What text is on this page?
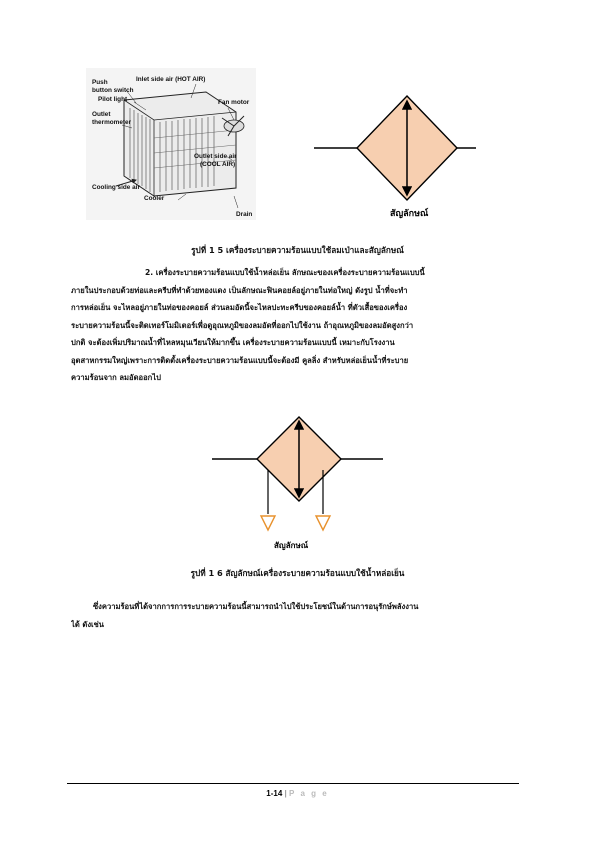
Push
button switch
Pilot light
Outlet
thermometer
Inlet side air (HOT AIR)
Fan motor
Outlet side air
(COOL AIR)
Cooling side air
Cooler
Drain	สัญลักษณ์
รูปที่ 1 5 เครื่องระบายความร้อนแบบใช้ลมเป่าและสัญลักษณ์
2. เครื่องระบายความร้อนแบบใช้น้ำหล่อเย็น ลักษณะของเครื่องระบายความร้อนแบบนี้
ภายในประกอบด้วยท่อและครีบที่ทำด้วยทองแดง เป็นลักษณะฟินคอยล์อยู่ภายในท่อใหญ่ ดังรูป น้ำที่จะทำ
การหล่อเย็น จะไหลอยู่ภายในท่อของคอยล์ ส่วนลมอัดนี้จะไหลปะทะครีบของคอยล์น้ำ ที่ตัวเสื้อของเครื่อง
ระบายความร้อนนี้จะติดเทอร์โมมิเตอร์เพื่อดูอุณหภูมิของลมอัดที่ออกไปใช้งาน ถ้าอุณหภูมิของลมอัดสูงกว่า
ปกติ จะต้องเพิ่มปริมาณน้ำที่ไหลหมุนเวียนให้มากขึ้น เครื่องระบายความร้อนแบบนี้ เหมาะกับโรงงาน
อุตสาหกรรมใหญ่เพราะการติดตั้งเครื่องระบายความร้อนแบบนี้จะต้องมี คูลลิ่ง สำหรับหล่อเย็นน้ำที่ระบาย
ความร้อนจาก ลมอัดออกไป
สัญลักษณ์
รูปที่ 1 6 สัญลักษณ์เครื่องระบายความร้อนแบบใช้น้ำหล่อเย็น
ซึ่งความร้อนที่ได้จากการการระบายความร้อนนี้สามารถนำไปใช้ประโยชน์ในด้านการอนุรักษ์พลังงาน
ได้ ดังเช่น
1-14 | P a g e
